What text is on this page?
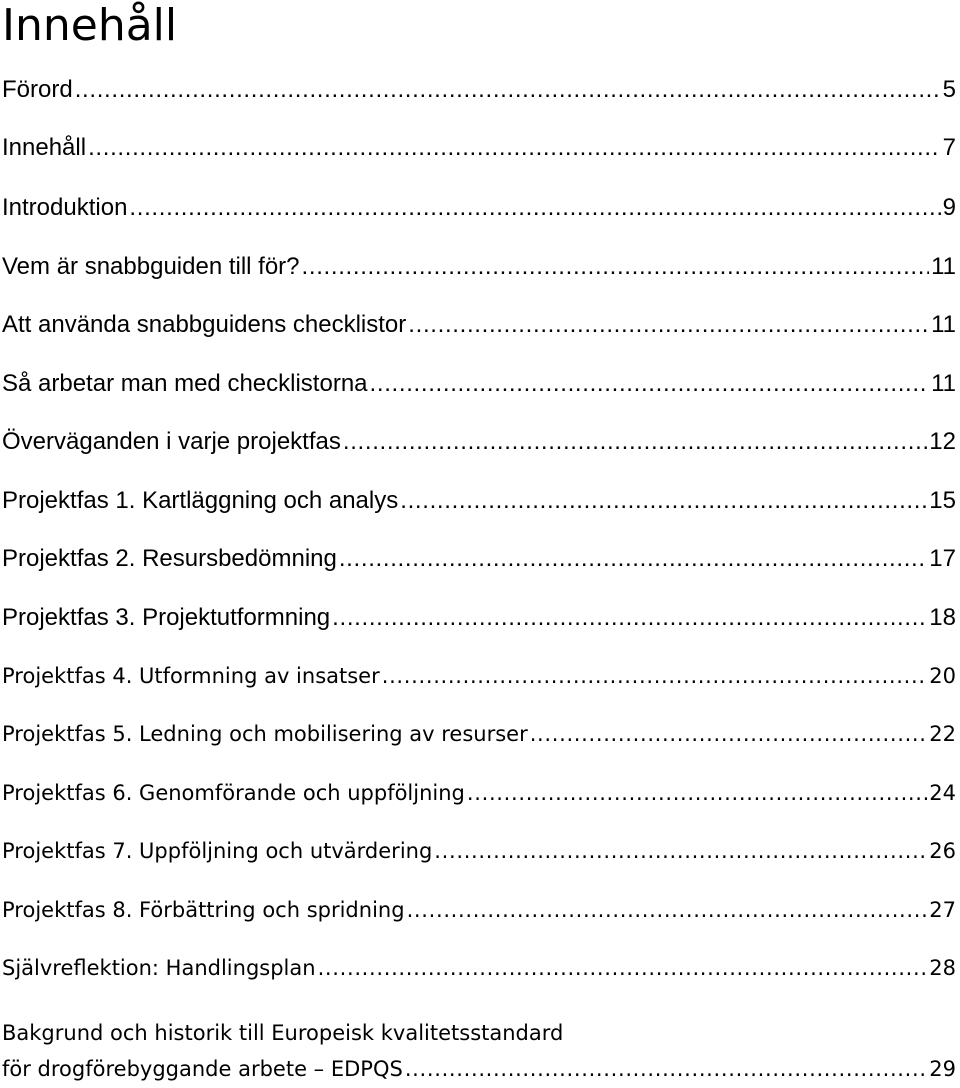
Innehåll
Förord . . .	5
Innehåll . . .	7
Introduktion . . .	9
Vem är snabbguiden till för? . . .	11
Att använda snabbguidens checklistor . . .	11
Så arbetar man med checklistorna . . .	11
Överväganden i varje projektfas . . .	12
Projektfas 1. Kartläggning och analys . . .	15
Projektfas 2. Resursbedömning . . .	17
Projektfas 3. Projektutformning . . .	18
Projektfas 4. Utformning av insatser . . .	20
Projektfas 5. Ledning och mobilisering av resurser . . .	22
Projektfas 6. Genomförande och uppföljning . . .	24
Projektfas 7. Uppföljning och utvärdering . . .	26
Projektfas 8. Förbättring och spridning . . .	27
Självreflektion: Handlingsplan . . .	28
Bakgrund och historik till Europeisk kvalitetsstandard
för drogförebyggande arbete – EDPQS . . .	29
